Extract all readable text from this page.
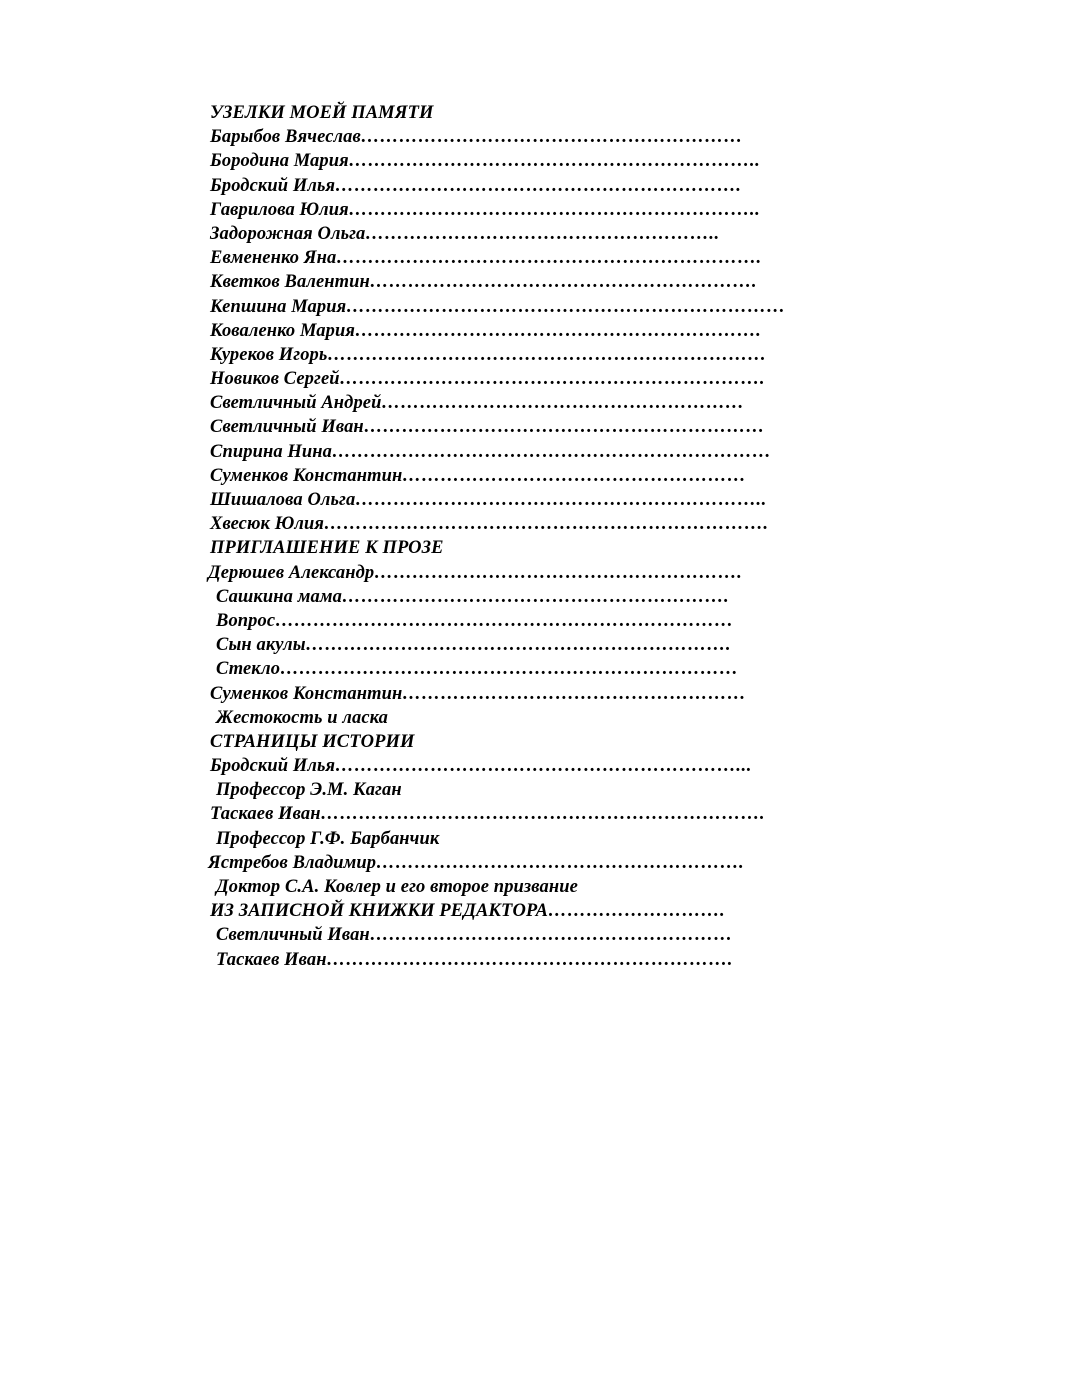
УЗЕЛКИ МОЕЙ ПАМЯТИ
Барыбов Вячеслав……………………………………………………
Бородина Мария………………………………………………………..
Бродский Илья……………………………………………………….
Гаврилова Юлия………………………………………………………..
Задорожная Ольга………………………………………………..
Евмененко Яна………………………………………………………….
Кветков Валентин…………………………………………………….
Кепшина Мария……………………………………………………………
Коваленко Мария……………………………………………………….
Куреков Игорь……………………………………………………………
Новиков Сергей………………………………………………………….
Светличный Андрей…………………………………………………
Светличный Иван………………………………………………………
Спирина Нина……………………………………………………………
Суменков Константин………………………………………………
Шишалова Ольга………………………………………………………..
Хвесюк Юлия…………………………………………………………….
ПРИГЛАШЕНИЕ К ПРОЗЕ
Дерюшев Александр………………………………………………….
Сашкина мама…………………………………………………….
Вопрос………………………………………………………………
Сын акулы………………………………………………………….
Стекло………………………………………………………………
Суменков Константин………………………………………………
Жестокость и ласка
СТРАНИЦЫ ИСТОРИИ
Бродский Илья………………………………………………………...
Профессор Э.М. Каган
Таскаев Иван…………………………………………………………….
Профессор Г.Ф. Барбанчик
Ястребов Владимир………………………………………………….
Доктор С.А. Ковлер и его второе призвание
ИЗ ЗАПИСНОЙ КНИЖКИ РЕДАКТОРА……………………….
Светличный Иван…………………………………………………
Таскаев Иван……………………………………………………….
